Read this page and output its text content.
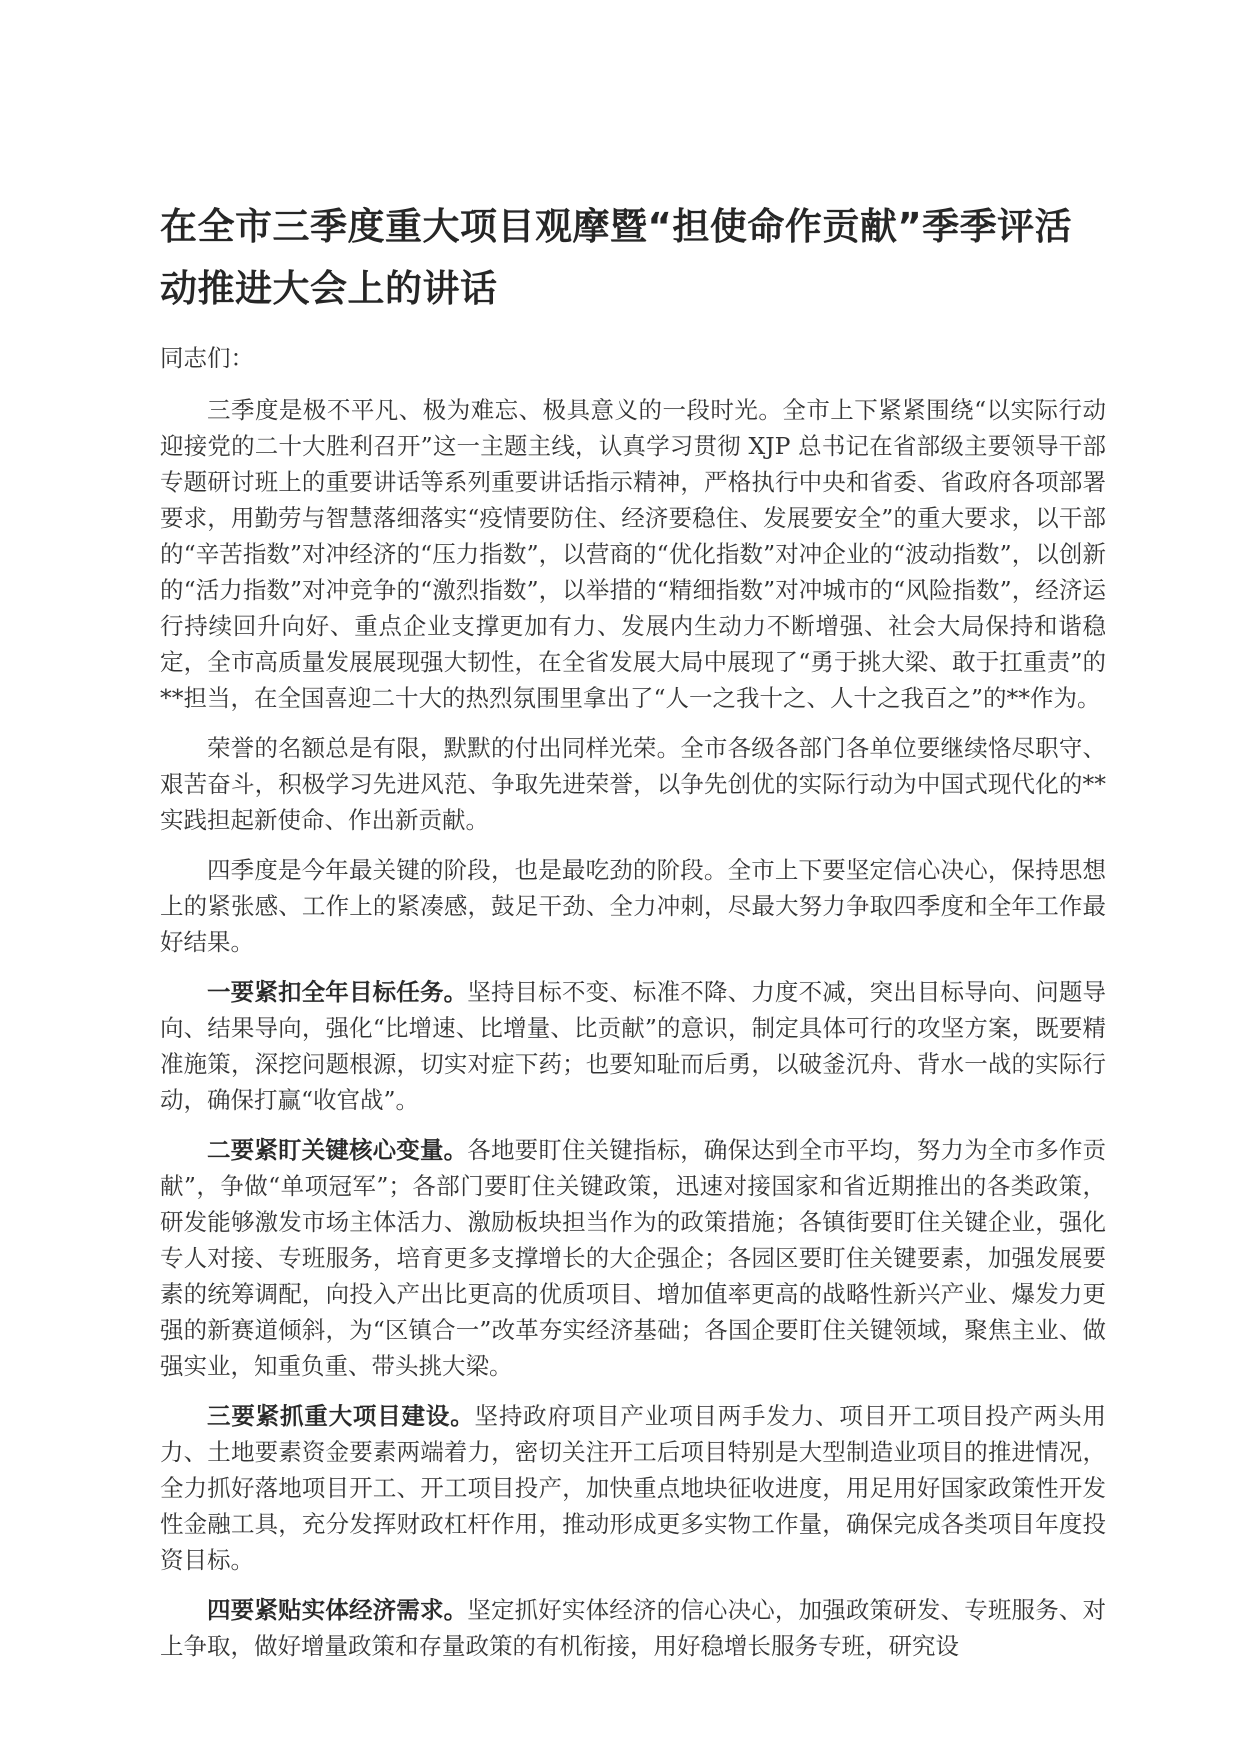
在全市三季度重大项目观摩暨“担使命作贡献”季季评活动推进大会上的讲话

同志们：

三季度是极不平凡、极为难忘、极具意义的一段时光。全市上下紧紧围绕“以实际行动迎接党的二十大胜利召开”这一主题主线，认真学习贯彻 XJP 总书记在省部级主要领导干部专题研讨班上的重要讲话等系列重要讲话指示精神，严格执行中央和省委、省政府各项部署要求，用勤劳与智慧落细落实“疫情要防住、经济要稳住、发展要安全”的重大要求，以干部的“辛苦指数”对冲经济的“压力指数”，以营商的“优化指数”对冲企业的“波动指数”，以创新的“活力指数”对冲竞争的“激烈指数”，以举措的“精细指数”对冲城市的“风险指数”，经济运行持续回升向好、重点企业支撑更加有力、发展内生动力不断增强、社会大局保持和谐稳定，全市高质量发展展现强大韧性，在全省发展大局中展现了“勇于挑大梁、敢于扛重责”的**担当，在全国喜迎二十大的热烈氛围里拿出了“人一之我十之、人十之我百之”的**作为。

荣誉的名额总是有限，默默的付出同样光荣。全市各级各部门各单位要继续恪尽职守、艰苦奋斗，积极学习先进风范、争取先进荣誉，以争先创优的实际行动为中国式现代化的**实践担起新使命、作出新贡献。

四季度是今年最关键的阶段，也是最吃劲的阶段。全市上下要坚定信心决心，保持思想上的紧张感、工作上的紧凑感，鼓足干劲、全力冲刺，尽最大努力争取四季度和全年工作最好结果。

一要紧扣全年目标任务。坚持目标不变、标准不降、力度不减，突出目标导向、问题导向、结果导向，强化“比增速、比增量、比贡献”的意识，制定具体可行的攻坚方案，既要精准施策，深挖问题根源，切实对症下药；也要知耻而后勇，以破釜沉舟、背水一战的实际行动，确保打赢“收官战”。

二要紧盯关键核心变量。各地要盯住关键指标，确保达到全市平均，努力为全市多作贡献”，争做“单项冠军”；各部门要盯住关键政策，迅速对接国家和省近期推出的各类政策，研发能够激发市场主体活力、激励板块担当作为的政策措施；各镇街要盯住关键企业，强化专人对接、专班服务，培育更多支撑增长的大企强企；各园区要盯住关键要素，加强发展要素的统筹调配，向投入产出比更高的优质项目、增加值率更高的战略性新兴产业、爆发力更强的新赛道倾斜，为“区镇合一”改革夯实经济基础；各国企要盯住关键领域，聚焦主业、做强实业，知重负重、带头挑大梁。

三要紧抓重大项目建设。坚持政府项目产业项目两手发力、项目开工项目投产两头用力、土地要素资金要素两端着力，密切关注开工后项目特别是大型制造业项目的推进情况，全力抓好落地项目开工、开工项目投产，加快重点地块征收进度，用足用好国家政策性开发性金融工具，充分发挥财政杠杆作用，推动形成更多实物工作量，确保完成各类项目年度投资目标。

四要紧贴实体经济需求。坚定抓好实体经济的信心决心，加强政策研发、专班服务、对上争取，做好增量政策和存量政策的有机衔接，用好稳增长服务专班，研究设
